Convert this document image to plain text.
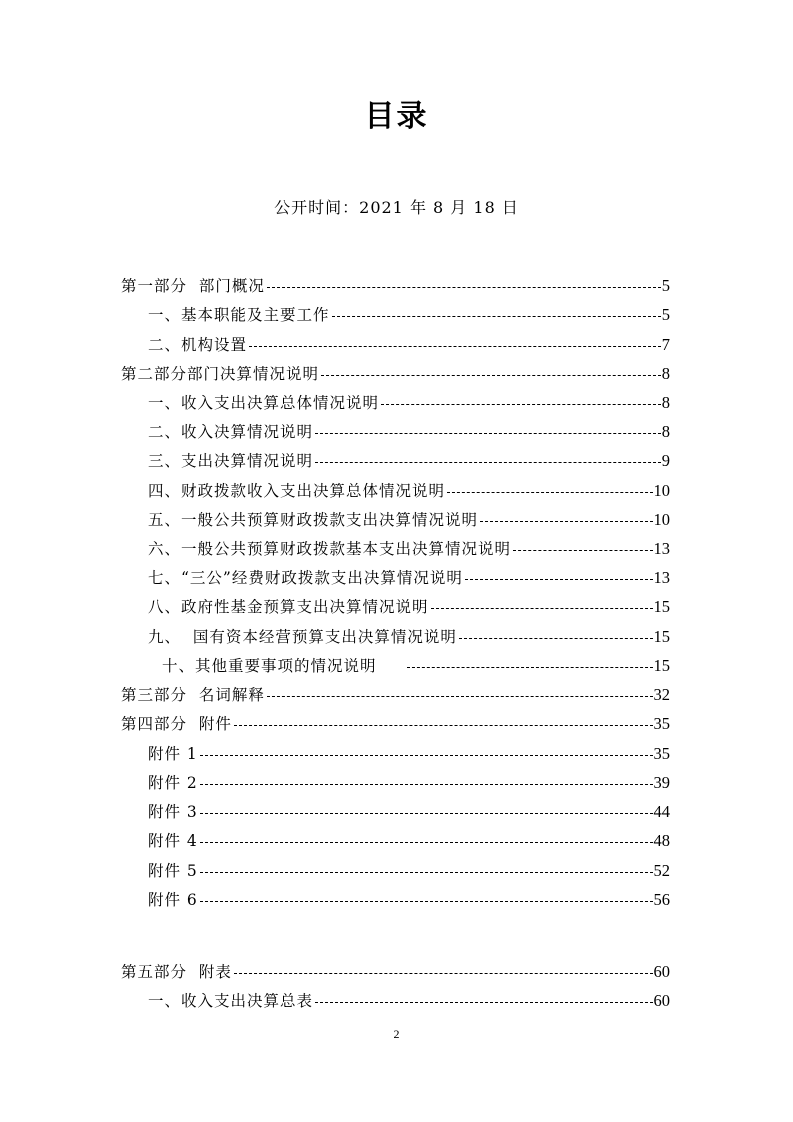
目录
公开时间：2021 年 8 月 18 日
第一部分  部门概况	5
一、基本职能及主要工作	5
二、机构设置	7
第二部分部门决算情况说明	8
一、收入支出决算总体情况说明	8
二、收入决算情况说明	8
三、支出决算情况说明	9
四、财政拨款收入支出决算总体情况说明	10
五、一般公共预算财政拨款支出决算情况说明	10
六、一般公共预算财政拨款基本支出决算情况说明	13
七、“三公”经费财政拨款支出决算情况说明	13
八、政府性基金预算支出决算情况说明	15
九、  国有资本经营预算支出决算情况说明	15
十、其他重要事项的情况说明	15
第三部分  名词解释	32
第四部分  附件	35
附件 1	35
附件 2	39
附件 3	44
附件 4	48
附件 5	52
附件 6	56
第五部分  附表	60
一、收入支出决算总表	60
2
